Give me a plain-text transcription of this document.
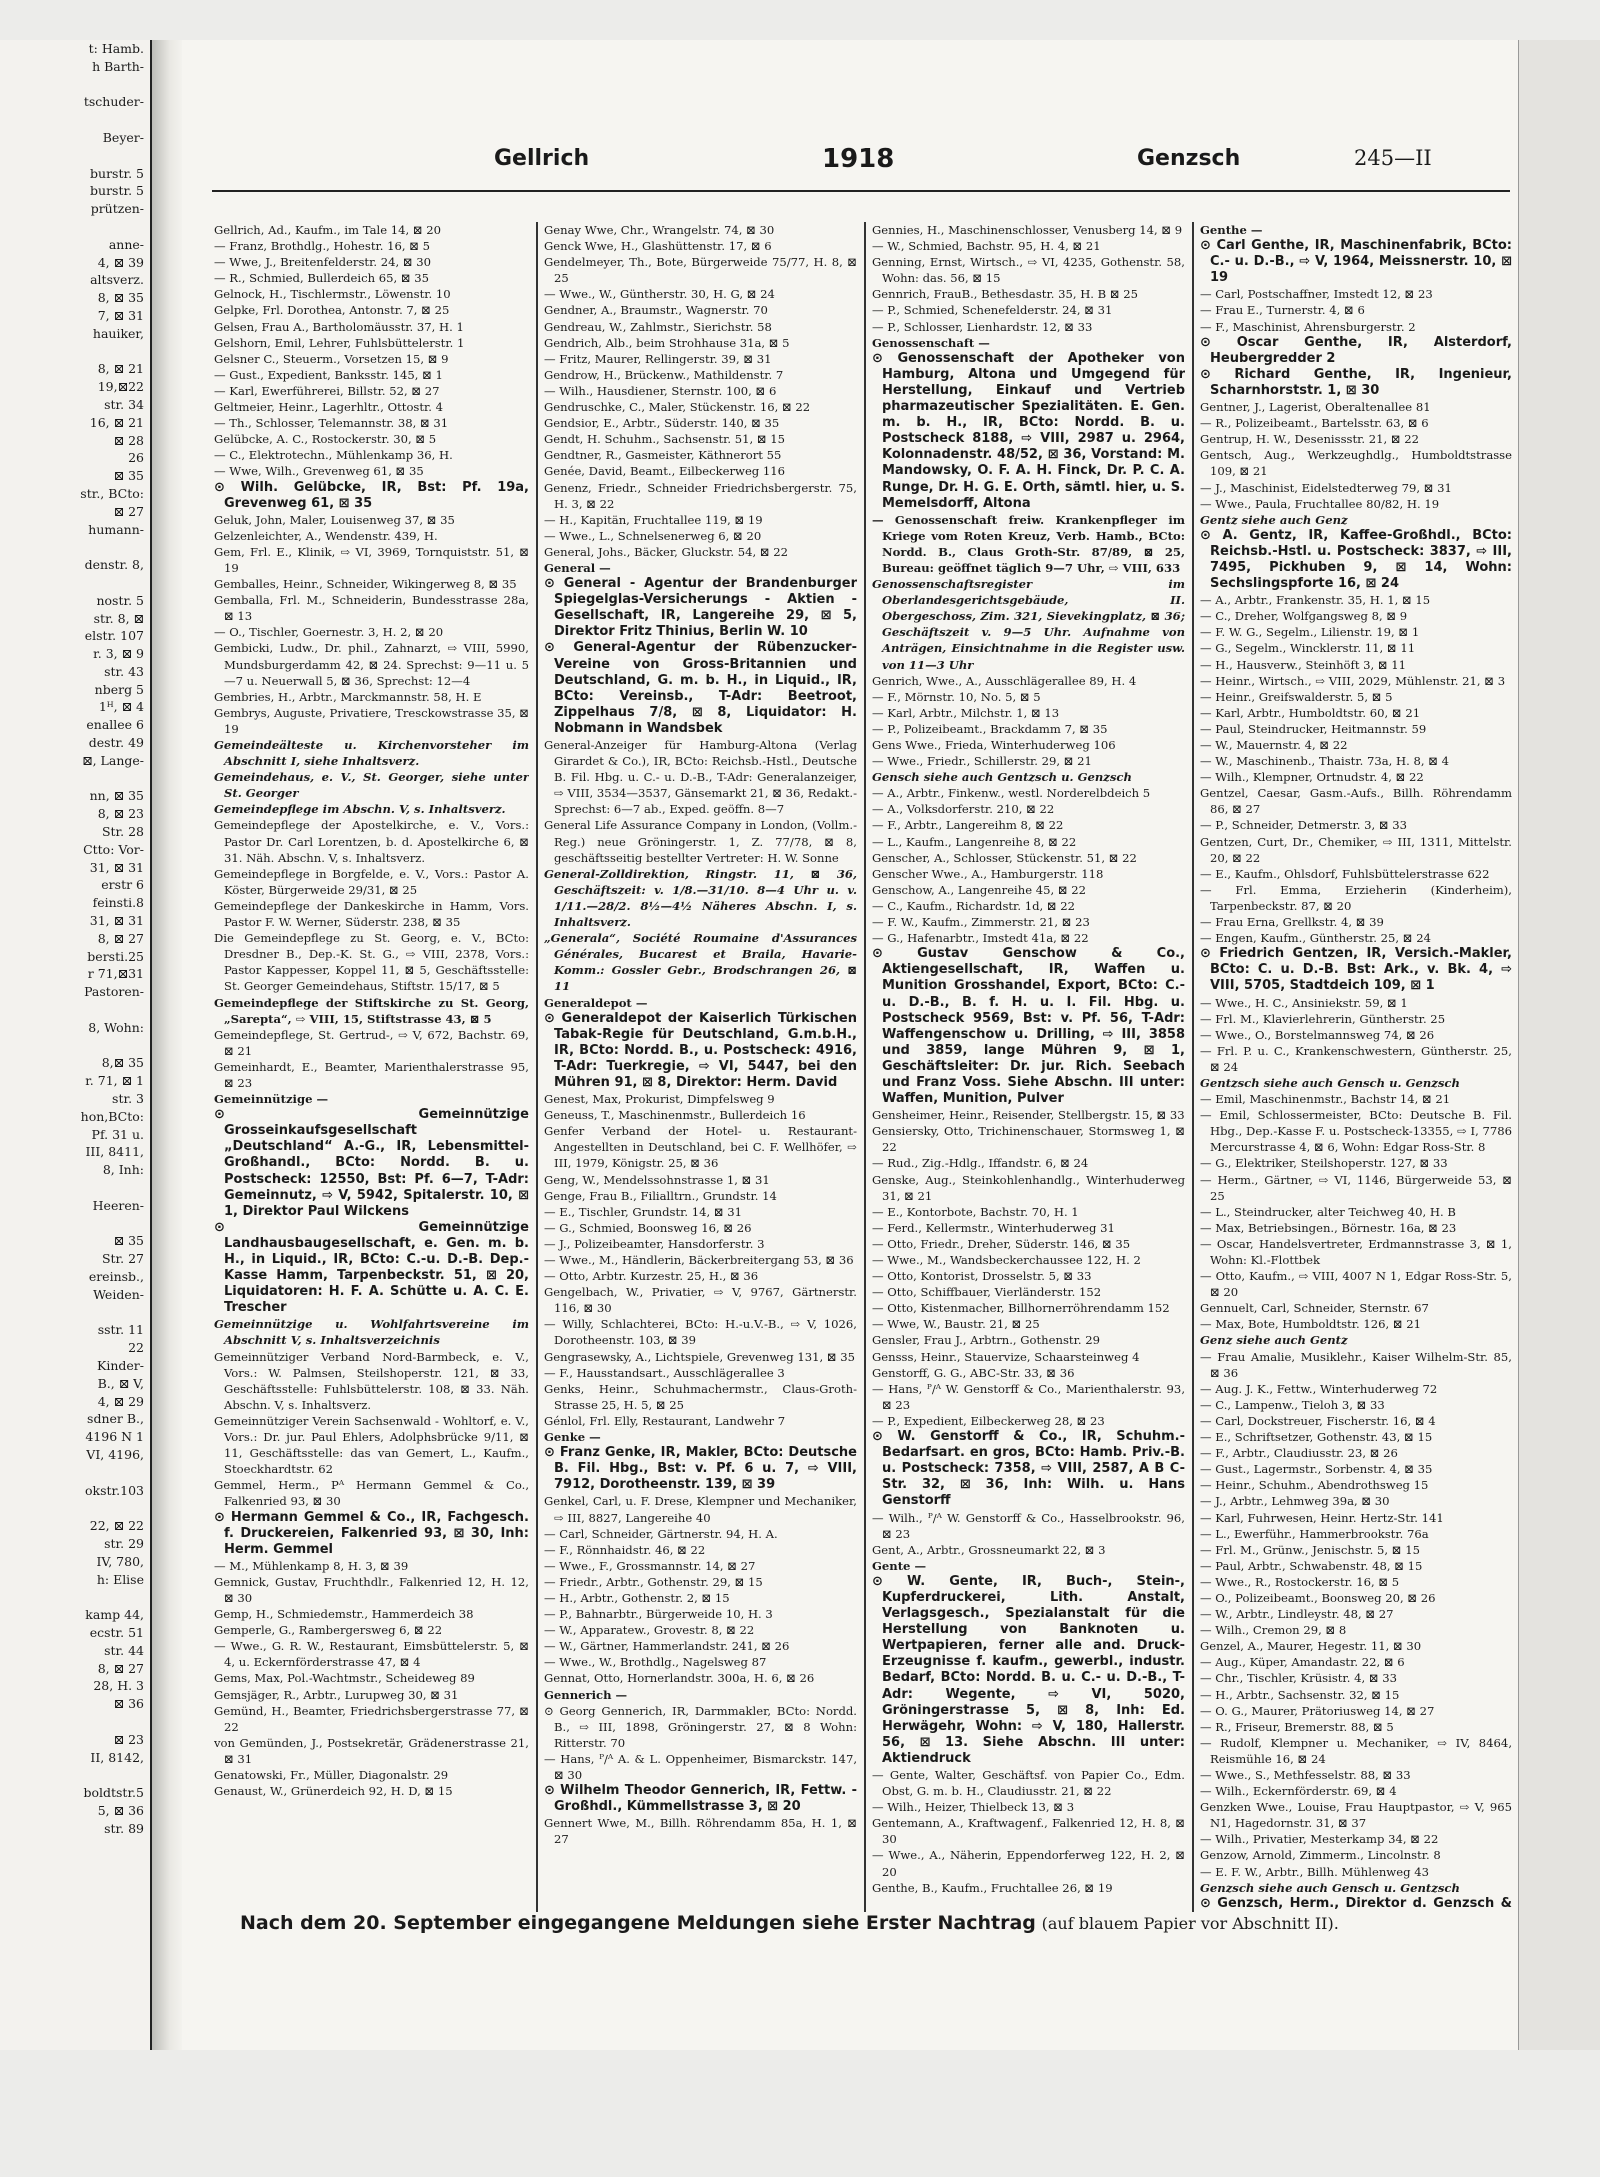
t: Hamb.
h Barth-

tschuder-

Beyer-

burstr. 5
burstr. 5
prützen-

anne-
4, ⊠ 39
altsverz.
8, ⊠ 35
7, ⊠ 31
hauiker,

8, ⊠ 21
19,⊠22
str. 34
16, ⊠ 21
⊠ 28
26
⊠ 35
str., BCto:
⊠ 27
humann-

denstr. 8,

nostr. 5
str. 8, ⊠
elstr. 107
r. 3, ⊠ 9
str. 43
nberg 5
1ᴴ, ⊠ 4
enallee 6
destr. 49
⊠, Lange-

nn, ⊠ 35
8, ⊠ 23
Str. 28
Ctto: Vor-
31, ⊠ 31
erstr 6
feinsti.8
31, ⊠ 31
8, ⊠ 27
bersti.25
r 71,⊠31
Pastoren-

8, Wohn:

8,⊠ 35
r. 71, ⊠ 1
str. 3
hon,BCto:
Pf. 31 u.
III, 8411,
8, Inh:

Heeren-

⊠ 35
Str. 27
ereinsb.,
Weiden-

sstr. 11
22
Kinder-
B., ⊠ V,
4, ⊠ 29
sdner B.,
4196 N 1
VI, 4196,

okstr.103

22, ⊠ 22
str. 29
IV, 780,
h: Elise

kamp 44,
ecstr. 51
str. 44
8, ⊠ 27
28, H. 3
⊠ 36

⊠ 23
II, 8142,

boldtstr.5
5, ⊠ 36
str. 89
Gellrich	1918	Genzsch	245—II

Gellrich, Ad., Kaufm., im Tale 14, ⊠ 20

— Franz, Brothdlg., Hohestr. 16, ⊠ 5

— Wwe, J., Breitenfelderstr. 24, ⊠ 30

— R., Schmied, Bullerdeich 65, ⊠ 35

Gelnock, H., Tischlermstr., Löwenstr. 10

Gelpke, Frl. Dorothea, Antonstr. 7, ⊠ 25

Gelsen, Frau A., Bartholomäusstr. 37, H. 1

Gelshorn, Emil, Lehrer, Fuhlsbüttelerstr. 1

Gelsner C., Steuerm., Vorsetzen 15, ⊠ 9

— Gust., Expedient, Banksstr. 145, ⊠ 1

— Karl, Ewerführerei, Billstr. 52, ⊠ 27

Geltmeier, Heinr., Lagerhltr., Ottostr. 4

— Th., Schlosser, Telemannstr. 38, ⊠ 31

Gelübcke, A. C., Rostockerstr. 30, ⊠ 5

— C., Elektrotechn., Mühlenkamp 36, H.

— Wwe, Wilh., Grevenweg 61, ⊠ 35

⊙ Wilh. Gelübcke, IR, Bst: Pf. 19a, Grevenweg 61, ⊠ 35

Geluk, John, Maler, Louisenweg 37, ⊠ 35

Gelzenleichter, A., Wendenstr. 439, H.

Gem, Frl. E., Klinik, ⇨ VI, 3969, Tornquiststr. 51, ⊠ 19

Gemballes, Heinr., Schneider, Wikingerweg 8, ⊠ 35

Gemballa, Frl. M., Schneiderin, Bundesstrasse 28a, ⊠ 13

— O., Tischler, Goernestr. 3, H. 2, ⊠ 20

Gembicki, Ludw., Dr. phil., Zahnarzt, ⇨ VIII, 5990, Mundsburgerdamm 42, ⊠ 24. Sprechst: 9—11 u. 5—7 u. Neuerwall 5, ⊠ 36, Sprechst: 12—4

Gembries, H., Arbtr., Marckmannstr. 58, H. E

Gembrys, Auguste, Privatiere, Tresckowstrasse 35, ⊠ 19

Gemeindeälteste u. Kirchenvorsteher im Abschnitt I, siehe Inhaltsverz.

Gemeindehaus, e. V., St. Georger, siehe unter St. Georger

Gemeindepflege im Abschn. V, s. Inhaltsverz.

Gemeindepflege der Apostelkirche, e. V., Vors.: Pastor Dr. Carl Lorentzen, b. d. Apostelkirche 6, ⊠ 31. Näh. Abschn. V, s. Inhaltsverz.

Gemeindepflege in Borgfelde, e. V., Vors.: Pastor A. Köster, Bürgerweide 29/31, ⊠ 25

Gemeindepflege der Dankeskirche in Hamm, Vors. Pastor F. W. Werner, Süderstr. 238, ⊠ 35

Die Gemeindepflege zu St. Georg, e. V., BCto: Dresdner B., Dep.-K. St. G., ⇨ VIII, 2378, Vors.: Pastor Kappesser, Koppel 11, ⊠ 5, Geschäftsstelle: St. Georger Gemeindehaus, Stiftstr. 15/17, ⊠ 5

Gemeindepflege der Stiftskirche zu St. Georg, „Sarepta“, ⇨ VIII, 15, Stiftstrasse 43, ⊠ 5

Gemeindepflege, St. Gertrud-, ⇨ V, 672, Bachstr. 69, ⊠ 21

Gemeinhardt, E., Beamter, Marienthalerstrasse 95, ⊠ 23

Gemeinnützige —

⊙ Gemeinnützige Grosseinkaufsgesellschaft „Deutschland“ A.-G., IR, Lebensmittel-Großhandl., BCto: Nordd. B. u. Postscheck: 12550, Bst: Pf. 6—7, T-Adr: Gemeinnutz, ⇨ V, 5942, Spitalerstr. 10, ⊠ 1, Direktor Paul Wilckens

⊙ Gemeinnützige Landhausbaugesellschaft, e. Gen. m. b. H., in Liquid., IR, BCto: C.-u. D.-B. Dep.-Kasse Hamm, Tarpenbeckstr. 51, ⊠ 20, Liquidatoren: H. F. A. Schütte u. A. C. E. Trescher

Gemeinnützige u. Wohlfahrtsvereine im Abschnitt V, s. Inhaltsverzeichnis

Gemeinnütziger Verband Nord-Barmbeck, e. V., Vors.: W. Palmsen, Steilshoperstr. 121, ⊠ 33, Geschäftsstelle: Fuhlsbüttelerstr. 108, ⊠ 33. Näh. Abschn. V, s. Inhaltsverz.

Gemeinnütziger Verein Sachsenwald - Wohltorf, e. V., Vors.: Dr. jur. Paul Ehlers, Adolphsbrücke 9/11, ⊠ 11, Geschäftsstelle: das van Gemert, L., Kaufm., Stoeckhardtstr. 62

Gemmel, Herm., Pᴬ Hermann Gemmel & Co., Falkenried 93, ⊠ 30

⊙ Hermann Gemmel & Co., IR, Fachgesch. f. Druckereien, Falkenried 93, ⊠ 30, Inh: Herm. Gemmel

— M., Mühlenkamp 8, H. 3, ⊠ 39

Gemnick, Gustav, Fruchthdlr., Falkenried 12, H. 12, ⊠ 30

Gemp, H., Schmiedemstr., Hammerdeich 38

Gemperle, G., Rambergersweg 6, ⊠ 22

— Wwe., G. R. W., Restaurant, Eimsbüttelerstr. 5, ⊠ 4, u. Eckernförderstrasse 47, ⊠ 4

Gems, Max, Pol.-Wachtmstr., Scheideweg 89

Gemsjäger, R., Arbtr., Lurupweg 30, ⊠ 31

Gemünd, H., Beamter, Friedrichsbergerstrasse 77, ⊠ 22

von Gemünden, J., Postsekretär, Grädenerstrasse 21, ⊠ 31

Genatowski, Fr., Müller, Diagonalstr. 29

Genaust, W., Grünerdeich 92, H. D, ⊠ 15

Genay Wwe, Chr., Wrangelstr. 74, ⊠ 30

Genck Wwe, H., Glashüttenstr. 17, ⊠ 6

Gendelmeyer, Th., Bote, Bürgerweide 75/77, H. 8, ⊠ 25

— Wwe., W., Güntherstr. 30, H. G, ⊠ 24

Gendner, A., Braumstr., Wagnerstr. 70

Gendreau, W., Zahlmstr., Sierichstr. 58

Gendrich, Alb., beim Strohhause 31a, ⊠ 5

— Fritz, Maurer, Rellingerstr. 39, ⊠ 31

Gendrow, H., Brückenw., Mathildenstr. 7

— Wilh., Hausdiener, Sternstr. 100, ⊠ 6

Gendruschke, C., Maler, Stückenstr. 16, ⊠ 22

Gendsior, E., Arbtr., Süderstr. 140, ⊠ 35

Gendt, H. Schuhm., Sachsenstr. 51, ⊠ 15

Gendtner, R., Gasmeister, Käthnerort 55

Genée, David, Beamt., Eilbeckerweg 116

Genenz, Friedr., Schneider Friedrichsbergerstr. 75, H. 3, ⊠ 22

— H., Kapitän, Fruchtallee 119, ⊠ 19

— Wwe., L., Schnelsenerweg 6, ⊠ 20

General, Johs., Bäcker, Gluckstr. 54, ⊠ 22

General —

⊙ General - Agentur der Brandenburger Spiegelglas-Versicherungs - Aktien - Gesellschaft, IR, Langereihe 29, ⊠ 5, Direktor Fritz Thinius, Berlin W. 10

⊙ General-Agentur der Rübenzucker-Vereine von Gross-Britannien und Deutschland, G. m. b. H., in Liquid., IR, BCto: Vereinsb., T-Adr: Beetroot, Zippelhaus 7/8, ⊠ 8, Liquidator: H. Nobmann in Wandsbek

General-Anzeiger für Hamburg-Altona (Verlag Girardet & Co.), IR, BCto: Reichsb.-Hstl., Deutsche B. Fil. Hbg. u. C.- u. D.-B., T-Adr: Generalanzeiger, ⇨ VIII, 3534—3537, Gänsemarkt 21, ⊠ 36, Redakt.-Sprechst: 6—7 ab., Exped. geöffn. 8—7

General Life Assurance Company in London, (Vollm.-Reg.) neue Gröningerstr. 1, Z. 77/78, ⊠ 8, geschäftsseitig bestellter Vertreter: H. W. Sonne

General-Zolldirektion, Ringstr. 11, ⊠ 36, Geschäftszeit: v. 1/8.—31/10. 8—4 Uhr u. v. 1/11.—28/2. 8½—4½ Näheres Abschn. I, s. Inhaltsverz.

„Generala“, Société Roumaine d'Assurances Générales, Bucarest et Braila, Havarie-Komm.: Gossler Gebr., Brodschrangen 26, ⊠ 11

Generaldepot —

⊙ Generaldepot der Kaiserlich Türkischen Tabak-Regie für Deutschland, G.m.b.H., IR, BCto: Nordd. B., u. Postscheck: 4916, T-Adr: Tuerkregie, ⇨ VI, 5447, bei den Mühren 91, ⊠ 8, Direktor: Herm. David

Genest, Max, Prokurist, Dimpfelsweg 9

Geneuss, T., Maschinenmstr., Bullerdeich 16

Genfer Verband der Hotel- u. Restaurant-Angestellten in Deutschland, bei C. F. Wellhöfer, ⇨ III, 1979, Königstr. 25, ⊠ 36

Geng, W., Mendelssohnstrasse 1, ⊠ 31

Genge, Frau B., Filialltrn., Grundstr. 14

— E., Tischler, Grundstr. 14, ⊠ 31

— G., Schmied, Boonsweg 16, ⊠ 26

— J., Polizeibeamter, Hansdorferstr. 3

— Wwe., M., Händlerin, Bäckerbreitergang 53, ⊠ 36

— Otto, Arbtr. Kurzestr. 25, H., ⊠ 36

Gengelbach, W., Privatier, ⇨ V, 9767, Gärtnerstr. 116, ⊠ 30

— Willy, Schlachterei, BCto: H.-u.V.-B., ⇨ V, 1026, Dorotheenstr. 103, ⊠ 39

Gengrasewsky, A., Lichtspiele, Grevenweg 131, ⊠ 35

— F., Hausstandsart., Ausschlägerallee 3

Genks, Heinr., Schuhmachermstr., Claus-Groth-Strasse 25, H. 5, ⊠ 25

Génlol, Frl. Elly, Restaurant, Landwehr 7

Genke —

⊙ Franz Genke, IR, Makler, BCto: Deutsche B. Fil. Hbg., Bst: v. Pf. 6 u. 7, ⇨ VIII, 7912, Dorotheenstr. 139, ⊠ 39

Genkel, Carl, u. F. Drese, Klempner und Mechaniker, ⇨ III, 8827, Langereihe 40

— Carl, Schneider, Gärtnerstr. 94, H. A.

— F., Rönnhaidstr. 46, ⊠ 22

— Wwe., F., Grossmannstr. 14, ⊠ 27

— Friedr., Arbtr., Gothenstr. 29, ⊠ 15

— H., Arbtr., Gothenstr. 2, ⊠ 15

— P., Bahnarbtr., Bürgerweide 10, H. 3

— W., Apparatew., Grovestr. 8, ⊠ 22

— W., Gärtner, Hammerlandstr. 241, ⊠ 26

— Wwe., W., Brothdlg., Nagelsweg 87

Gennat, Otto, Hornerlandstr. 300a, H. 6, ⊠ 26

Gennerich —

⊙ Georg Gennerich, IR, Darmmakler, BCto: Nordd. B., ⇨ III, 1898, Gröningerstr. 27, ⊠ 8 Wohn: Ritterstr. 70

— Hans, ᴾ/ᴬ A. & L. Oppenheimer, Bismarckstr. 147, ⊠ 30

⊙ Wilhelm Theodor Gennerich, IR, Fettw. - Großhdl., Kümmellstrasse 3, ⊠ 20

Gennert Wwe, M., Billh. Röhrendamm 85a, H. 1, ⊠ 27

Gennies, H., Maschinenschlosser, Venusberg 14, ⊠ 9

— W., Schmied, Bachstr. 95, H. 4, ⊠ 21

Genning, Ernst, Wirtsch., ⇨ VI, 4235, Gothenstr. 58, Wohn: das. 56, ⊠ 15

Gennrich, FrauB., Bethesdastr. 35, H. B ⊠ 25

— P., Schmied, Schenefelderstr. 24, ⊠ 31

— P., Schlosser, Lienhardstr. 12, ⊠ 33

Genossenschaft —

⊙ Genossenschaft der Apotheker von Hamburg, Altona und Umgegend für Herstellung, Einkauf und Vertrieb pharmazeutischer Spezialitäten. E. Gen. m. b. H., IR, BCto: Nordd. B. u. Postscheck 8188, ⇨ VIII, 2987 u. 2964, Kolonnadenstr. 48/52, ⊠ 36, Vorstand: M. Mandowsky, O. F. A. H. Finck, Dr. P. C. A. Runge, Dr. H. G. E. Orth, sämtl. hier, u. S. Memelsdorff, Altona

— Genossenschaft freiw. Krankenpfleger im Kriege vom Roten Kreuz, Verb. Hamb., BCto: Nordd. B., Claus Groth-Str. 87/89, ⊠ 25, Bureau: geöffnet täglich 9—7 Uhr, ⇨ VIII, 633

Genossenschaftsregister im Oberlandesgerichtsgebäude, II. Obergeschoss, Zim. 321, Sievekingplatz, ⊠ 36; Geschäftszeit v. 9—5 Uhr. Aufnahme von Anträgen, Einsichtnahme in die Register usw. von 11—3 Uhr

Genrich, Wwe., A., Ausschlägerallee 89, H. 4

— F., Mörnstr. 10, No. 5, ⊠ 5

— Karl, Arbtr., Milchstr. 1, ⊠ 13

— P., Polizeibeamt., Brackdamm 7, ⊠ 35

Gens Wwe., Frieda, Winterhuderweg 106

— Wwe., Friedr., Schillerstr. 29, ⊠ 21

Gensch siehe auch Gentzsch u. Genzsch

— A., Arbtr., Finkenw., westl. Norderelbdeich 5

— A., Volksdorferstr. 210, ⊠ 22

— F., Arbtr., Langereihm 8, ⊠ 22

— L., Kaufm., Langenreihe 8, ⊠ 22

Genscher, A., Schlosser, Stückenstr. 51, ⊠ 22

Genscher Wwe., A., Hamburgerstr. 118

Genschow, A., Langenreihe 45, ⊠ 22

— C., Kaufm., Richardstr. 1d, ⊠ 22

— F. W., Kaufm., Zimmerstr. 21, ⊠ 23

— G., Hafenarbtr., Imstedt 41a, ⊠ 22

⊙ Gustav Genschow & Co., Aktiengesellschaft, IR, Waffen u. Munition Grosshandel, Export, BCto: C.- u. D.-B., B. f. H. u. I. Fil. Hbg. u. Postscheck 9569, Bst: v. Pf. 56, T-Adr: Waffengenschow u. Drilling, ⇨ III, 3858 und 3859, lange Mühren 9, ⊠ 1, Geschäftsleiter: Dr. jur. Rich. Seebach und Franz Voss. Siehe Abschn. III unter: Waffen, Munition, Pulver

Gensheimer, Heinr., Reisender, Stellbergstr. 15, ⊠ 33

Gensiersky, Otto, Trichinenschauer, Stormsweg 1, ⊠ 22

— Rud., Zig.-Hdlg., Iffandstr. 6, ⊠ 24

Genske, Aug., Steinkohlenhandlg., Winterhuderweg 31, ⊠ 21

— E., Kontorbote, Bachstr. 70, H. 1

— Ferd., Kellermstr., Winterhuderweg 31

— Otto, Friedr., Dreher, Süderstr. 146, ⊠ 35

— Wwe., M., Wandsbeckerchaussee 122, H. 2

— Otto, Kontorist, Drosselstr. 5, ⊠ 33

— Otto, Schiffbauer, Vierländerstr. 152

— Otto, Kistenmacher, Billhornerröhrendamm 152

— Wwe, W., Baustr. 21, ⊠ 25

Gensler, Frau J., Arbtrn., Gothenstr. 29

Gensss, Heinr., Stauervize, Schaarsteinweg 4

Genstorff, G. G., ABC-Str. 33, ⊠ 36

— Hans, ᴾ/ᴬ W. Genstorff & Co., Marienthalerstr. 93, ⊠ 23

— P., Expedient, Eilbeckerweg 28, ⊠ 23

⊙ W. Genstorff & Co., IR, Schuhm.-Bedarfsart. en gros, BCto: Hamb. Priv.-B. u. Postscheck: 7358, ⇨ VIII, 2587, A B C-Str. 32, ⊠ 36, Inh: Wilh. u. Hans Genstorff

— Wilh., ᴾ/ᴬ W. Genstorff & Co., Hasselbrookstr. 96, ⊠ 23

Gent, A., Arbtr., Grossneumarkt 22, ⊠ 3

Gente —

⊙ W. Gente, IR, Buch-, Stein-, Kupferdruckerei, Lith. Anstalt, Verlagsgesch., Spezialanstalt für die Herstellung von Banknoten u. Wertpapieren, ferner alle and. Druck-Erzeugnisse f. kaufm., gewerbl., industr. Bedarf, BCto: Nordd. B. u. C.- u. D.-B., T-Adr: Wegente, ⇨ VI, 5020, Gröningerstrasse 5, ⊠ 8, Inh: Ed. Herwägehr, Wohn: ⇨ V, 180, Hallerstr. 56, ⊠ 13. Siehe Abschn. III unter: Aktiendruck

— Gente, Walter, Geschäftsf. von Papier Co., Edm. Obst, G. m. b. H., Claudiusstr. 21, ⊠ 22

— Wilh., Heizer, Thielbeck 13, ⊠ 3

Gentemann, A., Kraftwagenf., Falkenried 12, H. 8, ⊠ 30

— Wwe., A., Näherin, Eppendorferweg 122, H. 2, ⊠ 20

Genthe, B., Kaufm., Fruchtallee 26, ⊠ 19

Genthe —

⊙ Carl Genthe, IR, Maschinenfabrik, BCto: C.- u. D.-B., ⇨ V, 1964, Meissnerstr. 10, ⊠ 19

— Carl, Postschaffner, Imstedt 12, ⊠ 23

— Frau E., Turnerstr. 4, ⊠ 6

— F., Maschinist, Ahrensburgerstr. 2

⊙ Oscar Genthe, IR, Alsterdorf, Heubergredder 2

⊙ Richard Genthe, IR, Ingenieur, Scharnhorststr. 1, ⊠ 30

Gentner, J., Lagerist, Oberaltenallee 81

— R., Polizeibeamt., Bartelsstr. 63, ⊠ 6

Gentrup, H. W., Desenissstr. 21, ⊠ 22

Gentsch, Aug., Werkzeughdlg., Humboldtstrasse 109, ⊠ 21

— J., Maschinist, Eidelstedterweg 79, ⊠ 31

— Wwe., Paula, Fruchtallee 80/82, H. 19

Gentz siehe auch Genz

⊙ A. Gentz, IR, Kaffee-Großhdl., BCto: Reichsb.-Hstl. u. Postscheck: 3837, ⇨ III, 7495, Pickhuben 9, ⊠ 14, Wohn: Sechslingspforte 16, ⊠ 24

— A., Arbtr., Frankenstr. 35, H. 1, ⊠ 15

— C., Dreher, Wolfgangsweg 8, ⊠ 9

— F. W. G., Segelm., Lilienstr. 19, ⊠ 1

— G., Segelm., Wincklerstr. 11, ⊠ 11

— H., Hausverw., Steinhöft 3, ⊠ 11

— Heinr., Wirtsch., ⇨ VIII, 2029, Mühlenstr. 21, ⊠ 3

— Heinr., Greifswalderstr. 5, ⊠ 5

— Karl, Arbtr., Humboldtstr. 60, ⊠ 21

— Paul, Steindrucker, Heitmannstr. 59

— W., Mauernstr. 4, ⊠ 22

— W., Maschinenb., Thaistr. 73a, H. 8, ⊠ 4

— Wilh., Klempner, Ortnudstr. 4, ⊠ 22

Gentzel, Caesar, Gasm.-Aufs., Billh. Röhrendamm 86, ⊠ 27

— P., Schneider, Detmerstr. 3, ⊠ 33

Gentzen, Curt, Dr., Chemiker, ⇨ III, 1311, Mittelstr. 20, ⊠ 22

— E., Kaufm., Ohlsdorf, Fuhlsbüttelerstrasse 622

— Frl. Emma, Erzieherin (Kinderheim), Tarpenbeckstr. 87, ⊠ 20

— Frau Erna, Grellkstr. 4, ⊠ 39

— Engen, Kaufm., Güntherstr. 25, ⊠ 24

⊙ Friedrich Gentzen, IR, Versich.-Makler, BCto: C. u. D.-B. Bst: Ark., v. Bk. 4, ⇨ VIII, 5705, Stadtdeich 109, ⊠ 1

— Wwe., H. C., Ansiniekstr. 59, ⊠ 1

— Frl. M., Klavierlehrerin, Güntherstr. 25

— Wwe., O., Borstelmannsweg 74, ⊠ 26

— Frl. P. u. C., Krankenschwestern, Güntherstr. 25, ⊠ 24

Gentzsch siehe auch Gensch u. Genzsch

— Emil, Maschinenmstr., Bachstr 14, ⊠ 21

— Emil, Schlossermeister, BCto: Deutsche B. Fil. Hbg., Dep.-Kasse F. u. Postscheck-13355, ⇨ I, 7786 Mercurstrasse 4, ⊠ 6, Wohn: Edgar Ross-Str. 8

— G., Elektriker, Steilshoperstr. 127, ⊠ 33

— Herm., Gärtner, ⇨ VI, 1146, Bürgerweide 53, ⊠ 25

— L., Steindrucker, alter Teichweg 40, H. B

— Max, Betriebsingen., Börnestr. 16a, ⊠ 23

— Oscar, Handelsvertreter, Erdmannstrasse 3, ⊠ 1, Wohn: Kl.-Flottbek

— Otto, Kaufm., ⇨ VIII, 4007 N 1, Edgar Ross-Str. 5, ⊠ 20

Gennuelt, Carl, Schneider, Sternstr. 67

— Max, Bote, Humboldtstr. 126, ⊠ 21

Genz siehe auch Gentz

— Frau Amalie, Musiklehr., Kaiser Wilhelm-Str. 85, ⊠ 36

— Aug. J. K., Fettw., Winterhuderweg 72

— C., Lampenw., Tieloh 3, ⊠ 33

— Carl, Dockstreuer, Fischerstr. 16, ⊠ 4

— E., Schriftsetzer, Gothenstr. 43, ⊠ 15

— F., Arbtr., Claudiusstr. 23, ⊠ 26

— Gust., Lagermstr., Sorbenstr. 4, ⊠ 35

— Heinr., Schuhm., Abendrothsweg 15

— J., Arbtr., Lehmweg 39a, ⊠ 30

— Karl, Fuhrwesen, Heinr. Hertz-Str. 141

— L., Ewerführ., Hammerbrookstr. 76a

— Frl. M., Grünw., Jenischstr. 5, ⊠ 15

— Paul, Arbtr., Schwabenstr. 48, ⊠ 15

— Wwe., R., Rostockerstr. 16, ⊠ 5

— O., Polizeibeamt., Boonsweg 20, ⊠ 26

— W., Arbtr., Lindleystr. 48, ⊠ 27

— Wilh., Cremon 29, ⊠ 8

Genzel, A., Maurer, Hegestr. 11, ⊠ 30

— Aug., Küper, Amandastr. 22, ⊠ 6

— Chr., Tischler, Krüsistr. 4, ⊠ 33

— H., Arbtr., Sachsenstr. 32, ⊠ 15

— O. G., Maurer, Prätoriusweg 14, ⊠ 27

— R., Friseur, Bremerstr. 88, ⊠ 5

— Rudolf, Klempner u. Mechaniker, ⇨ IV, 8464, Reismühle 16, ⊠ 24

— Wwe., S., Methfesselstr. 88, ⊠ 33

— Wilh., Eckernförderstr. 69, ⊠ 4

Genzken Wwe., Louise, Frau Hauptpastor, ⇨ V, 965 N1, Hagedornstr. 31, ⊠ 37

— Wilh., Privatier, Mesterkamp 34, ⊠ 22

Genzow, Arnold, Zimmerm., Lincolnstr. 8

— E. F. W., Arbtr., Billh. Mühlenweg 43

Genzsch siehe auch Gensch u. Gentzsch

⊙ Genzsch, Herm., Direktor d. Genzsch &

Nach dem 20. September eingegangene Meldungen siehe Erster Nachtrag (auf blauem Papier vor Abschnitt II).
